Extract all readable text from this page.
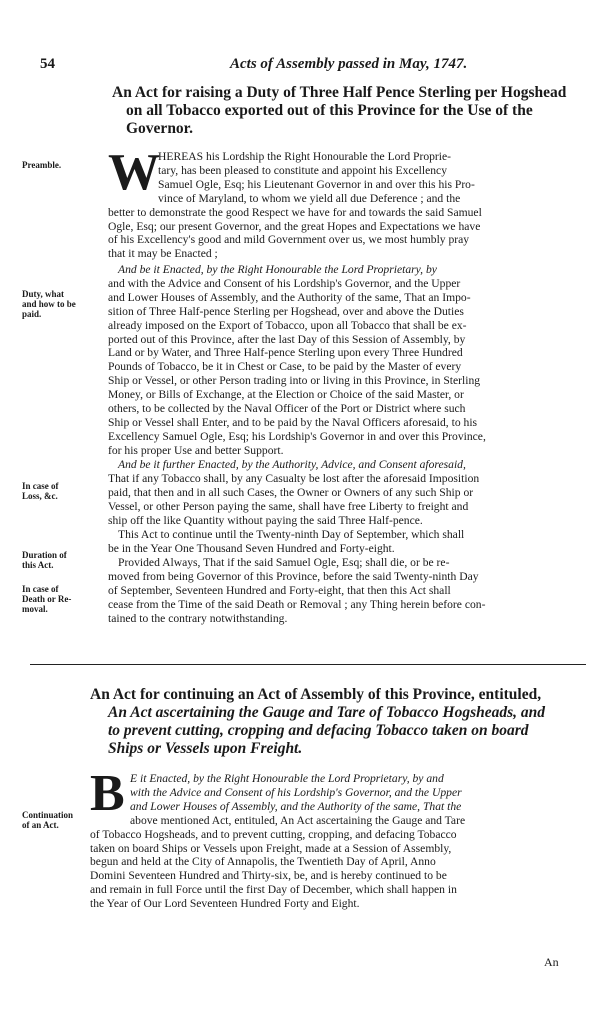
54	Acts of Assembly passed in May, 1747.
An Act for raising a Duty of Three Half Pence Sterling per Hogshead
on all Tobacco exported out of this Province for the Use of the
Governor.
Preamble.
Duty, what
and how to be
paid.
In case of
Loss, &c.
Duration of
this Act.
In case of
Death or Re-
moval.
W
HEREAS his Lordship the Right Honourable the Lord Proprie-
tary, has been pleased to constitute and appoint his Excellency
Samuel Ogle, Esq; his Lieutenant Governor in and over this his Pro-
vince of Maryland, to whom we yield all due Deference ; and the
better to demonstrate the good Respect we have for and towards the said Samuel
Ogle, Esq; our present Governor, and the great Hopes and Expectations we have
of his Excellency's good and mild Government over us, we most humbly pray
that it may be Enacted ;
And be it Enacted, by the Right Honourable the Lord Proprietary, by
and with the Advice and Consent of his Lordship's Governor, and the Upper
and Lower Houses of Assembly, and the Authority of the same, That an Impo-
sition of Three Half-pence Sterling per Hogshead, over and above the Duties
already imposed on the Export of Tobacco, upon all Tobacco that shall be ex-
ported out of this Province, after the last Day of this Session of Assembly, by
Land or by Water, and Three Half-pence Sterling upon every Three Hundred
Pounds of Tobacco, be it in Chest or Case, to be paid by the Master of every
Ship or Vessel, or other Person trading into or living in this Province, in Sterling
Money, or Bills of Exchange, at the Election or Choice of the said Master, or
others, to be collected by the Naval Officer of the Port or District where such
Ship or Vessel shall Enter, and to be paid by the Naval Officers aforesaid, to his
Excellency Samuel Ogle, Esq; his Lordship's Governor in and over this Province,
for his proper Use and better Support.
And be it further Enacted, by the Authority, Advice, and Consent aforesaid,
That if any Tobacco shall, by any Casualty be lost after the aforesaid Imposition
paid, that then and in all such Cases, the Owner or Owners of any such Ship or
Vessel, or other Person paying the same, shall have free Liberty to freight and
ship off the like Quantity without paying the said Three Half-pence.
This Act to continue until the Twenty-ninth Day of September, which shall
be in the Year One Thousand Seven Hundred and Forty-eight.
Provided Always, That if the said Samuel Ogle, Esq; shall die, or be re-
moved from being Governor of this Province, before the said Twenty-ninth Day
of September, Seventeen Hundred and Forty-eight, that then this Act shall
cease from the Time of the said Death or Removal ; any Thing herein before con-
tained to the contrary notwithstanding.
An Act for continuing an Act of Assembly of this Province, entituled,
An Act ascertaining the Gauge and Tare of Tobacco Hogsheads, and
to prevent cutting, cropping and defacing Tobacco taken on board
Ships or Vessels upon Freight.
Continuation
of an Act.
B E it Enacted, by the Right Honourable the Lord Proprietary, by and
with the Advice and Consent of his Lordship's Governor, and the Upper
and Lower Houses of Assembly, and the Authority of the same, That the
above mentioned Act, entituled, An Act ascertaining the Gauge and Tare
of Tobacco Hogsheads, and to prevent cutting, cropping, and defacing Tobacco
taken on board Ships or Vessels upon Freight, made at a Session of Assembly,
begun and held at the City of Annapolis, the Twentieth Day of April, Anno
Domini Seventeen Hundred and Thirty-six, be, and is hereby continued to be
and remain in full Force until the first Day of December, which shall happen in
the Year of Our Lord Seventeen Hundred Forty and Eight.
An
